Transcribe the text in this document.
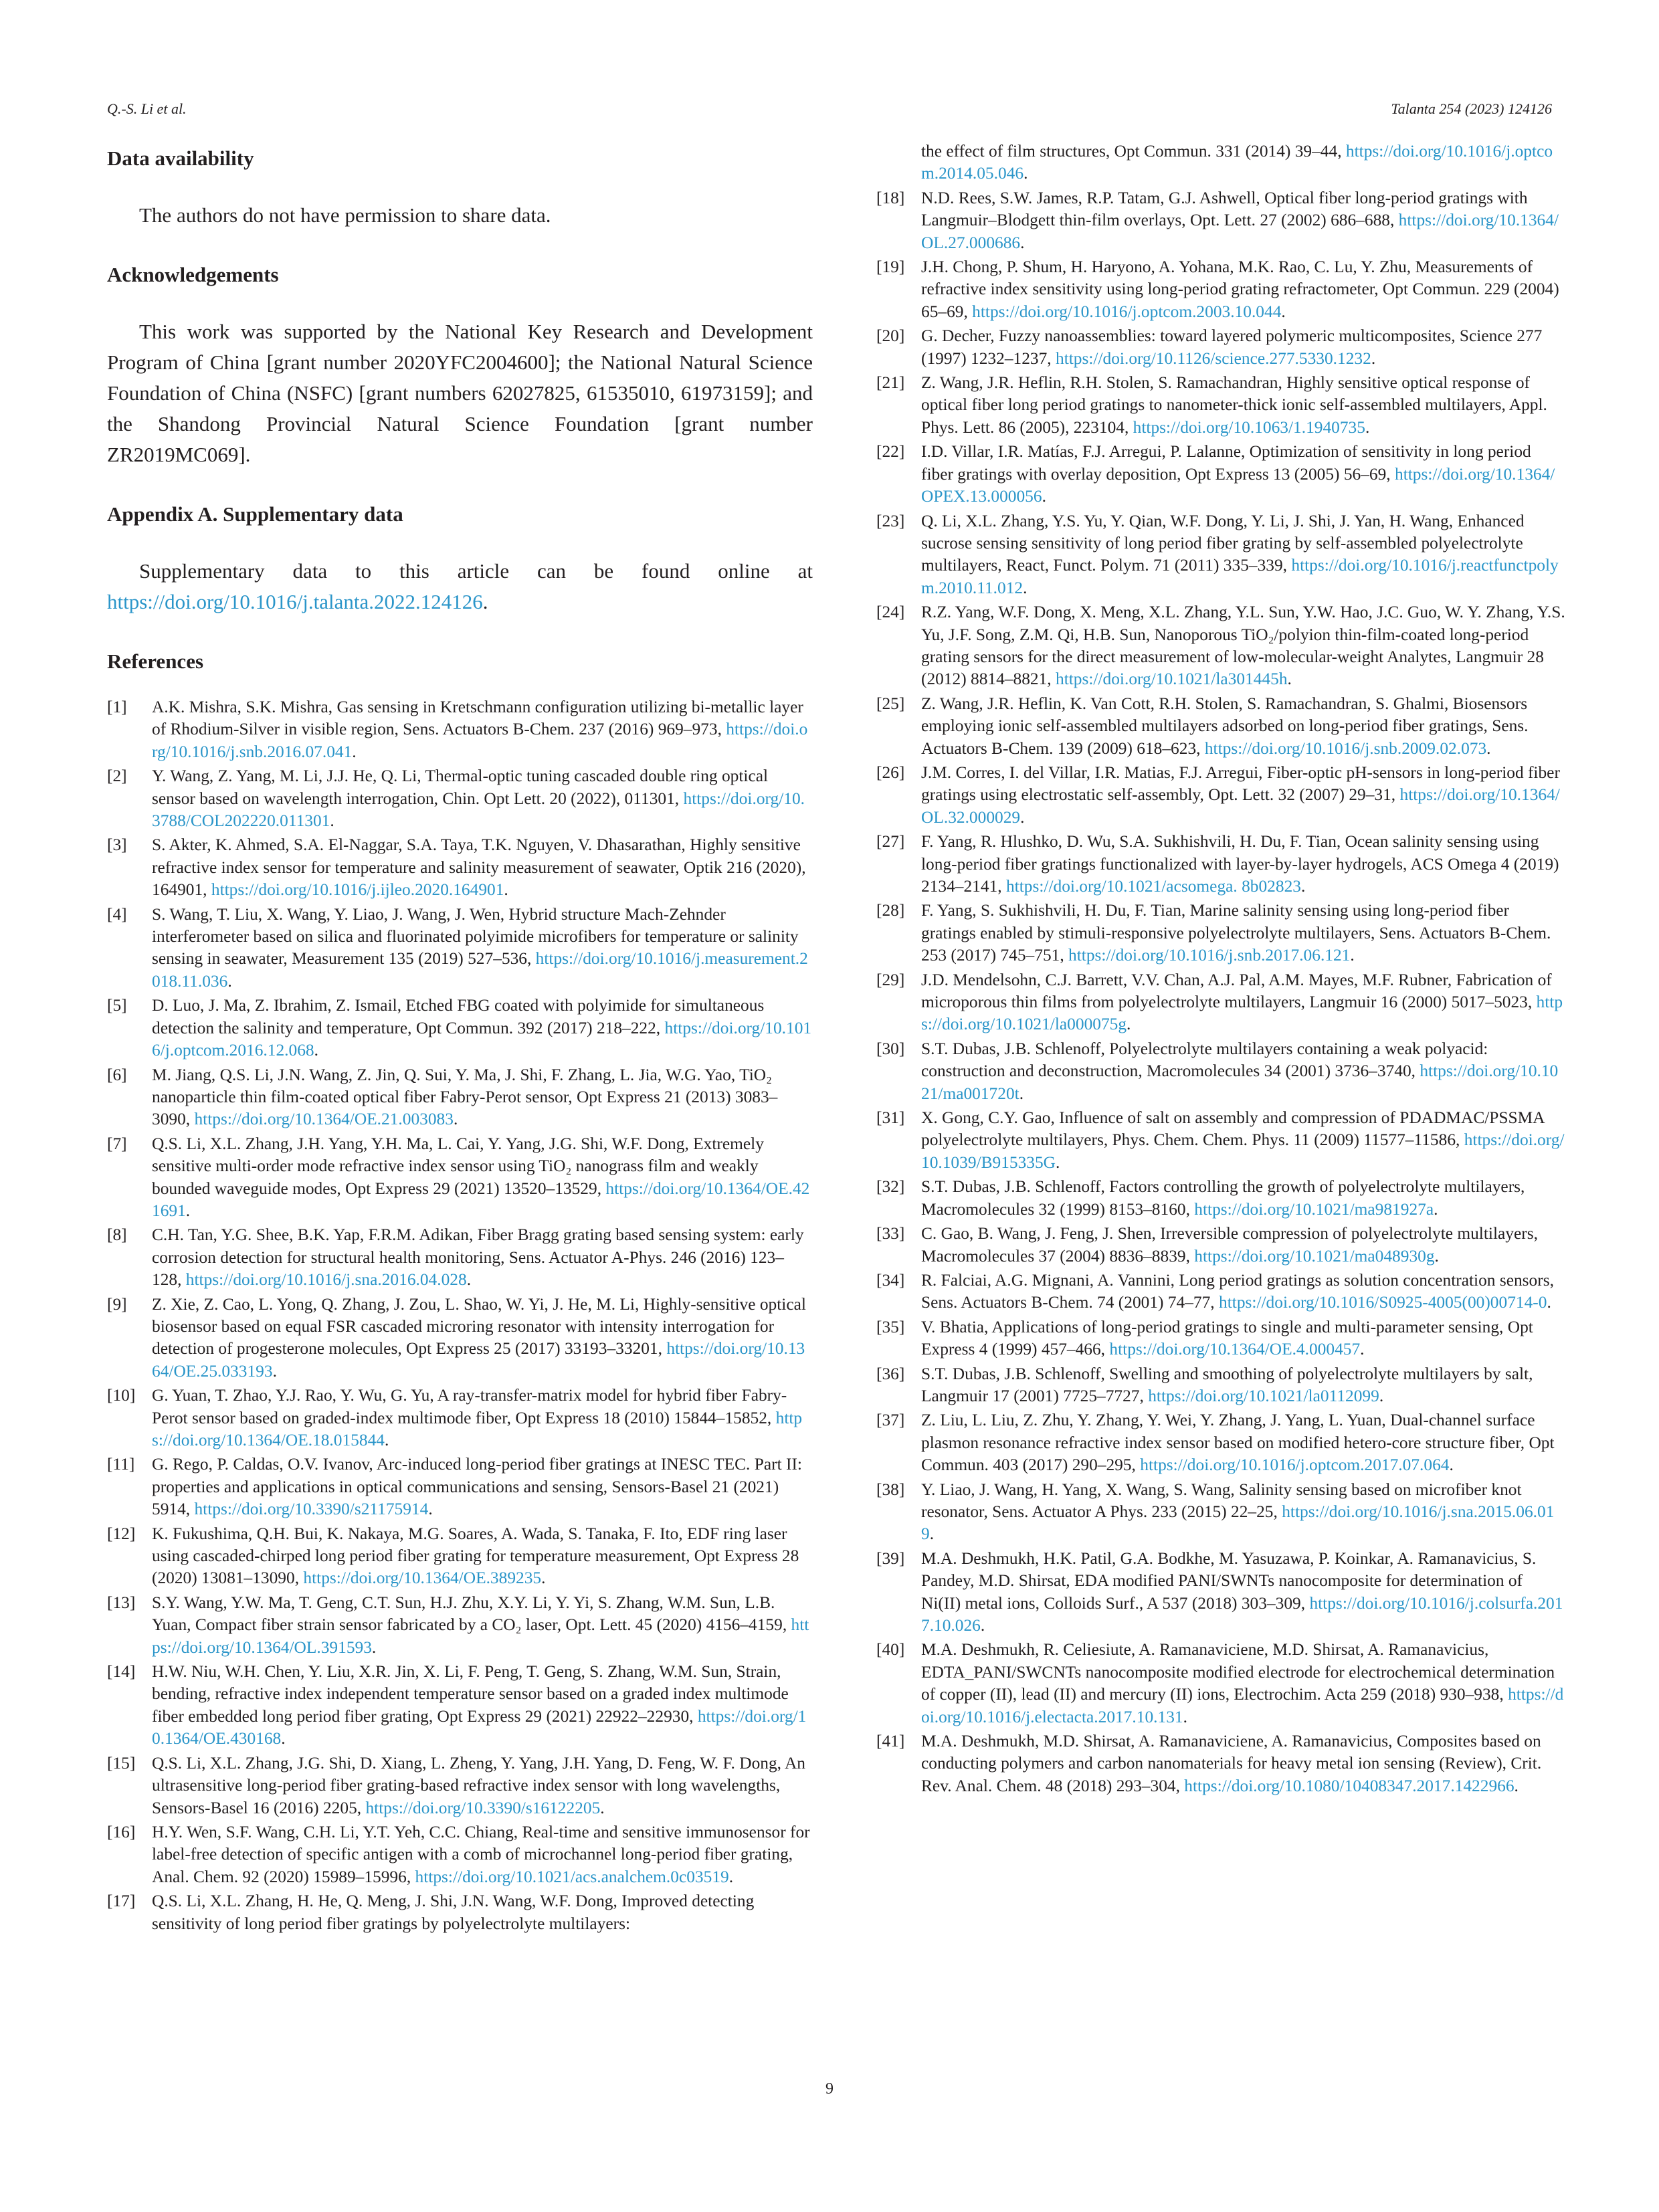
Q.-S. Li et al.	Talanta 254 (2023) 124126
Data availability

The authors do not have permission to share data.

Acknowledgements

This work was supported by the National Key Research and Development Program of China [grant number 2020YFC2004600]; the National Natural Science Foundation of China (NSFC) [grant numbers 62027825, 61535010, 61973159]; and the Shandong Provincial Natural Science Foundation [grant number ZR2019MC069].

Appendix A. Supplementary data

Supplementary data to this article can be found online at https://doi.org/10.1016/j.talanta.2022.124126.

References
[1]	A.K. Mishra, S.K. Mishra, Gas sensing in Kretschmann configuration utilizing bi-metallic layer of Rhodium-Silver in visible region, Sens. Actuators B-Chem. 237 (2016) 969–973, https://doi.org/10.1016/j.snb.2016.07.041.
[2]	Y. Wang, Z. Yang, M. Li, J.J. He, Q. Li, Thermal-optic tuning cascaded double ring optical sensor based on wavelength interrogation, Chin. Opt Lett. 20 (2022), 011301, https://doi.org/10.3788/COL202220.011301.
[3]	S. Akter, K. Ahmed, S.A. El-Naggar, S.A. Taya, T.K. Nguyen, V. Dhasarathan, Highly sensitive refractive index sensor for temperature and salinity measurement of seawater, Optik 216 (2020), 164901, https://doi.org/10.1016/j.ijleo.2020.164901.
[4]	S. Wang, T. Liu, X. Wang, Y. Liao, J. Wang, J. Wen, Hybrid structure Mach-Zehnder interferometer based on silica and fluorinated polyimide microfibers for temperature or salinity sensing in seawater, Measurement 135 (2019) 527–536, https://doi.org/10.1016/j.measurement.2018.11.036.
[5]	D. Luo, J. Ma, Z. Ibrahim, Z. Ismail, Etched FBG coated with polyimide for simultaneous detection the salinity and temperature, Opt Commun. 392 (2017) 218–222, https://doi.org/10.1016/j.optcom.2016.12.068.
[6]	M. Jiang, Q.S. Li, J.N. Wang, Z. Jin, Q. Sui, Y. Ma, J. Shi, F. Zhang, L. Jia, W.G. Yao, TiO₂ nanoparticle thin film-coated optical fiber Fabry-Perot sensor, Opt Express 21 (2013) 3083–3090, https://doi.org/10.1364/OE.21.003083.
[7]	Q.S. Li, X.L. Zhang, J.H. Yang, Y.H. Ma, L. Cai, Y. Yang, J.G. Shi, W.F. Dong, Extremely sensitive multi-order mode refractive index sensor using TiO₂ nanograss film and weakly bounded waveguide modes, Opt Express 29 (2021) 13520–13529, https://doi.org/10.1364/OE.421691.
[8]	C.H. Tan, Y.G. Shee, B.K. Yap, F.R.M. Adikan, Fiber Bragg grating based sensing system: early corrosion detection for structural health monitoring, Sens. Actuator A-Phys. 246 (2016) 123–128, https://doi.org/10.1016/j.sna.2016.04.028.
[9]	Z. Xie, Z. Cao, L. Yong, Q. Zhang, J. Zou, L. Shao, W. Yi, J. He, M. Li, Highly-sensitive optical biosensor based on equal FSR cascaded microring resonator with intensity interrogation for detection of progesterone molecules, Opt Express 25 (2017) 33193–33201, https://doi.org/10.1364/OE.25.033193.
[10] G. Yuan, T. Zhao, Y.J. Rao, Y. Wu, G. Yu, A ray-transfer-matrix model for hybrid fiber Fabry-Perot sensor based on graded-index multimode fiber, Opt Express 18 (2010) 15844–15852, https://doi.org/10.1364/OE.18.015844.
[11]	G. Rego, P. Caldas, O.V. Ivanov, Arc-induced long-period fiber gratings at INESC TEC. Part II: properties and applications in optical communications and sensing, Sensors-Basel 21 (2021) 5914, https://doi.org/10.3390/s21175914.
[12] K. Fukushima, Q.H. Bui, K. Nakaya, M.G. Soares, A. Wada, S. Tanaka, F. Ito, EDF ring laser using cascaded-chirped long period fiber grating for temperature measurement, Opt Express 28 (2020) 13081–13090, https://doi.org/10.1364/OE.389235.
[13] S.Y. Wang, Y.W. Ma, T. Geng, C.T. Sun, H.J. Zhu, X.Y. Li, Y. Yi, S. Zhang, W.M. Sun, L.B. Yuan, Compact fiber strain sensor fabricated by a CO₂ laser, Opt. Lett. 45 (2020) 4156–4159, https://doi.org/10.1364/OL.391593.
[14] H.W. Niu, W.H. Chen, Y. Liu, X.R. Jin, X. Li, F. Peng, T. Geng, S. Zhang, W.M. Sun, Strain, bending, refractive index independent temperature sensor based on a graded index multimode fiber embedded long period fiber grating, Opt Express 29 (2021) 22922–22930, https://doi.org/10.1364/OE.430168.
[15] Q.S. Li, X.L. Zhang, J.G. Shi, D. Xiang, L. Zheng, Y. Yang, J.H. Yang, D. Feng, W. F. Dong, An ultrasensitive long-period fiber grating-based refractive index sensor with long wavelengths, Sensors-Basel 16 (2016) 2205, https://doi.org/10.3390/s16122205.
[16] H.Y. Wen, S.F. Wang, C.H. Li, Y.T. Yeh, C.C. Chiang, Real-time and sensitive immunosensor for label-free detection of specific antigen with a comb of microchannel long-period fiber grating, Anal. Chem. 92 (2020) 15989–15996, https://doi.org/10.1021/acs.analchem.0c03519.
[17] Q.S. Li, X.L. Zhang, H. He, Q. Meng, J. Shi, J.N. Wang, W.F. Dong, Improved detecting sensitivity of long period fiber gratings by polyelectrolyte multilayers:
the effect of film structures, Opt Commun. 331 (2014) 39–44, https://doi.org/10.1016/j.optcom.2014.05.046.
[18] N.D. Rees, S.W. James, R.P. Tatam, G.J. Ashwell, Optical fiber long-period gratings with Langmuir–Blodgett thin-film overlays, Opt. Lett. 27 (2002) 686–688, https://doi.org/10.1364/OL.27.000686.
[19] J.H. Chong, P. Shum, H. Haryono, A. Yohana, M.K. Rao, C. Lu, Y. Zhu, Measurements of refractive index sensitivity using long-period grating refractometer, Opt Commun. 229 (2004) 65–69, https://doi.org/10.1016/j.optcom.2003.10.044.
[20] G. Decher, Fuzzy nanoassemblies: toward layered polymeric multicomposites, Science 277 (1997) 1232–1237, https://doi.org/10.1126/science.277.5330.1232.
[21] Z. Wang, J.R. Heflin, R.H. Stolen, S. Ramachandran, Highly sensitive optical response of optical fiber long period gratings to nanometer-thick ionic self-assembled multilayers, Appl. Phys. Lett. 86 (2005), 223104, https://doi.org/10.1063/1.1940735.
[22] I.D. Villar, I.R. Matías, F.J. Arregui, P. Lalanne, Optimization of sensitivity in long period fiber gratings with overlay deposition, Opt Express 13 (2005) 56–69, https://doi.org/10.1364/OPEX.13.000056.
[23] Q. Li, X.L. Zhang, Y.S. Yu, Y. Qian, W.F. Dong, Y. Li, J. Shi, J. Yan, H. Wang, Enhanced sucrose sensing sensitivity of long period fiber grating by self-assembled polyelectrolyte multilayers, React, Funct. Polym. 71 (2011) 335–339, https://doi.org/10.1016/j.reactfunctpolym.2010.11.012.
[24] R.Z. Yang, W.F. Dong, X. Meng, X.L. Zhang, Y.L. Sun, Y.W. Hao, J.C. Guo, W. Y. Zhang, Y.S. Yu, J.F. Song, Z.M. Qi, H.B. Sun, Nanoporous TiO₂/polyion thin-film-coated long-period grating sensors for the direct measurement of low-molecular-weight Analytes, Langmuir 28 (2012) 8814–8821, https://doi.org/10.1021/la301445h.
[25] Z. Wang, J.R. Heflin, K. Van Cott, R.H. Stolen, S. Ramachandran, S. Ghalmi, Biosensors employing ionic self-assembled multilayers adsorbed on long-period fiber gratings, Sens. Actuators B-Chem. 139 (2009) 618–623, https://doi.org/10.1016/j.snb.2009.02.073.
[26] J.M. Corres, I. del Villar, I.R. Matias, F.J. Arregui, Fiber-optic pH-sensors in long-period fiber gratings using electrostatic self-assembly, Opt. Lett. 32 (2007) 29–31, https://doi.org/10.1364/OL.32.000029.
[27] F. Yang, R. Hlushko, D. Wu, S.A. Sukhishvili, H. Du, F. Tian, Ocean salinity sensing using long-period fiber gratings functionalized with layer-by-layer hydrogels, ACS Omega 4 (2019) 2134–2141, https://doi.org/10.1021/acsomega. 8b02823.
[28] F. Yang, S. Sukhishvili, H. Du, F. Tian, Marine salinity sensing using long-period fiber gratings enabled by stimuli-responsive polyelectrolyte multilayers, Sens. Actuators B-Chem. 253 (2017) 745–751, https://doi.org/10.1016/j.snb.2017.06.121.
[29] J.D. Mendelsohn, C.J. Barrett, V.V. Chan, A.J. Pal, A.M. Mayes, M.F. Rubner, Fabrication of microporous thin films from polyelectrolyte multilayers, Langmuir 16 (2000) 5017–5023, https://doi.org/10.1021/la000075g.
[30] S.T. Dubas, J.B. Schlenoff, Polyelectrolyte multilayers containing a weak polyacid: construction and deconstruction, Macromolecules 34 (2001) 3736–3740, https://doi.org/10.1021/ma001720t.
[31] X. Gong, C.Y. Gao, Influence of salt on assembly and compression of PDADMAC/PSSMA polyelectrolyte multilayers, Phys. Chem. Chem. Phys. 11 (2009) 11577–11586, https://doi.org/10.1039/B915335G.
[32] S.T. Dubas, J.B. Schlenoff, Factors controlling the growth of polyelectrolyte multilayers, Macromolecules 32 (1999) 8153–8160, https://doi.org/10.1021/ma981927a.
[33] C. Gao, B. Wang, J. Feng, J. Shen, Irreversible compression of polyelectrolyte multilayers, Macromolecules 37 (2004) 8836–8839, https://doi.org/10.1021/ma048930g.
[34] R. Falciai, A.G. Mignani, A. Vannini, Long period gratings as solution concentration sensors, Sens. Actuators B-Chem. 74 (2001) 74–77, https://doi.org/10.1016/S0925-4005(00)00714-0.
[35] V. Bhatia, Applications of long-period gratings to single and multi-parameter sensing, Opt Express 4 (1999) 457–466, https://doi.org/10.1364/OE.4.000457.
[36] S.T. Dubas, J.B. Schlenoff, Swelling and smoothing of polyelectrolyte multilayers by salt, Langmuir 17 (2001) 7725–7727, https://doi.org/10.1021/la0112099.
[37] Z. Liu, L. Liu, Z. Zhu, Y. Zhang, Y. Wei, Y. Zhang, J. Yang, L. Yuan, Dual-channel surface plasmon resonance refractive index sensor based on modified hetero-core structure fiber, Opt Commun. 403 (2017) 290–295, https://doi.org/10.1016/j.optcom.2017.07.064.
[38] Y. Liao, J. Wang, H. Yang, X. Wang, S. Wang, Salinity sensing based on microfiber knot resonator, Sens. Actuator A Phys. 233 (2015) 22–25, https://doi.org/10.1016/j.sna.2015.06.019.
[39] M.A. Deshmukh, H.K. Patil, G.A. Bodkhe, M. Yasuzawa, P. Koinkar, A. Ramanavicius, S. Pandey, M.D. Shirsat, EDA modified PANI/SWNTs nanocomposite for determination of Ni(II) metal ions, Colloids Surf., A 537 (2018) 303–309, https://doi.org/10.1016/j.colsurfa.2017.10.026.
[40] M.A. Deshmukh, R. Celiesiute, A. Ramanaviciene, M.D. Shirsat, A. Ramanavicius, EDTA_PANI/SWCNTs nanocomposite modified electrode for electrochemical determination of copper (II), lead (II) and mercury (II) ions, Electrochim. Acta 259 (2018) 930–938, https://doi.org/10.1016/j.electacta.2017.10.131.
[41] M.A. Deshmukh, M.D. Shirsat, A. Ramanaviciene, A. Ramanavicius, Composites based on conducting polymers and carbon nanomaterials for heavy metal ion sensing (Review), Crit. Rev. Anal. Chem. 48 (2018) 293–304, https://doi.org/10.1080/10408347.2017.1422966.
9
